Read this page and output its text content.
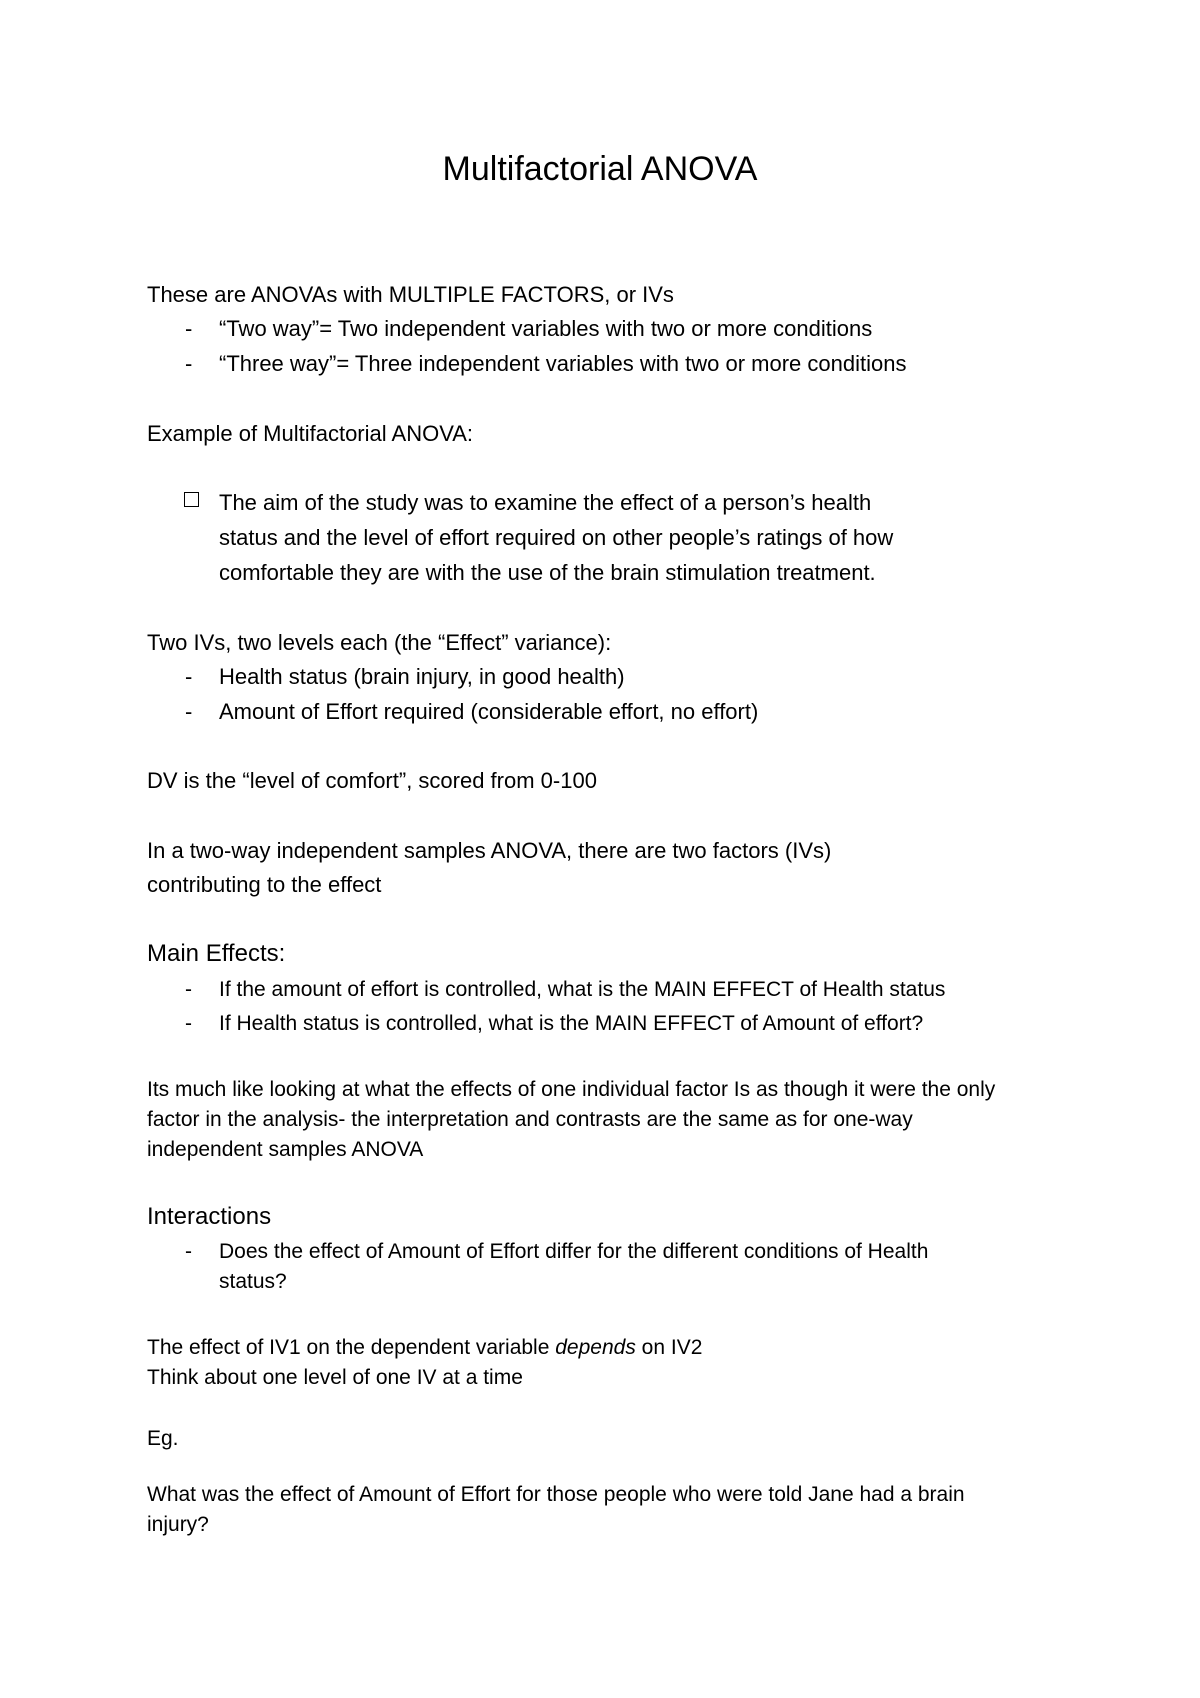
Multifactorial ANOVA
These are ANOVAs with MULTIPLE FACTORS, or IVs
- “Two way”= Two independent variables with two or more conditions
- “Three way”= Three independent variables with two or more conditions
Example of Multifactorial ANOVA:
The aim of the study was to examine the effect of a person’s health
status and the level of effort required on other people’s ratings of how
comfortable they are with the use of the brain stimulation treatment.
Two IVs, two levels each (the “Effect” variance):
- Health status (brain injury, in good health)
- Amount of Effort required (considerable effort, no effort)
DV is the “level of comfort”, scored from 0-100
In a two-way independent samples ANOVA, there are two factors (IVs)
contributing to the effect
Main Effects:
- If the amount of effort is controlled, what is the MAIN EFFECT of Health status
- If Health status is controlled, what is the MAIN EFFECT of Amount of effort?
Its much like looking at what the effects of one individual factor Is as though it were the only
factor in the analysis- the interpretation and contrasts are the same as for one-way
independent samples ANOVA
Interactions
- Does the effect of Amount of Effort differ for the different conditions of Health
status?
The effect of IV1 on the dependent variable depends on IV2
Think about one level of one IV at a time
Eg.
What was the effect of Amount of Effort for those people who were told Jane had a brain
injury?
